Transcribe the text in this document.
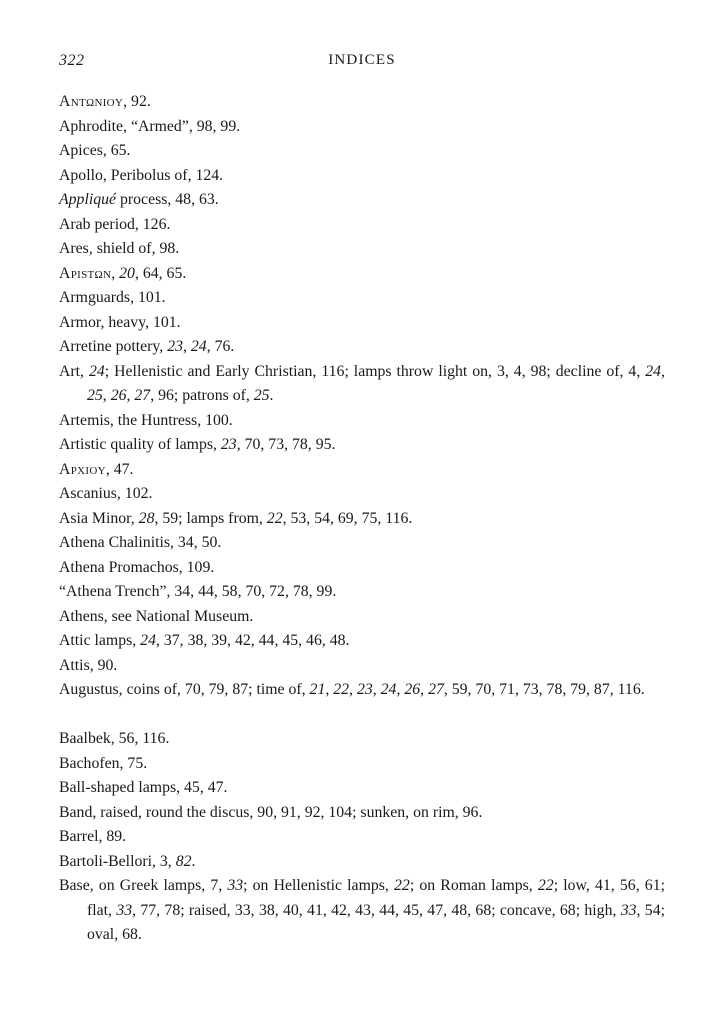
322	INDICES
Antωnioy, 92.
Aphrodite, “Armed”, 98, 99.
Apices, 65.
Apollo, Peribolus of, 124.
Appliqué process, 48, 63.
Arab period, 126.
Ares, shield of, 98.
Apistωn, 20, 64, 65.
Armguards, 101.
Armor, heavy, 101.
Arretine pottery, 23, 24, 76.
Art, 24; Hellenistic and Early Christian, 116; lamps throw light on, 3, 4, 98; decline of, 4, 24, 25, 26, 27, 96; patrons of, 25.
Artemis, the Huntress, 100.
Artistic quality of lamps, 23, 70, 73, 78, 95.
Apxioy, 47.
Ascanius, 102.
Asia Minor, 28, 59; lamps from, 22, 53, 54, 69, 75, 116.
Athena Chalinitis, 34, 50.
Athena Promachos, 109.
“Athena Trench”, 34, 44, 58, 70, 72, 78, 99.
Athens, see National Museum.
Attic lamps, 24, 37, 38, 39, 42, 44, 45, 46, 48.
Attis, 90.
Augustus, coins of, 70, 79, 87; time of, 21, 22, 23, 24, 26, 27, 59, 70, 71, 73, 78, 79, 87, 116.
Baalbek, 56, 116.
Bachofen, 75.
Ball-shaped lamps, 45, 47.
Band, raised, round the discus, 90, 91, 92, 104; sunken, on rim, 96.
Barrel, 89.
Bartoli-Bellori, 3, 82.
Base, on Greek lamps, 7, 33; on Hellenistic lamps, 22; on Roman lamps, 22; low, 41, 56, 61; flat, 33, 77, 78; raised, 33, 38, 40, 41, 42, 43, 44, 45, 47, 48, 68; concave, 68; high, 33, 54; oval, 68.
